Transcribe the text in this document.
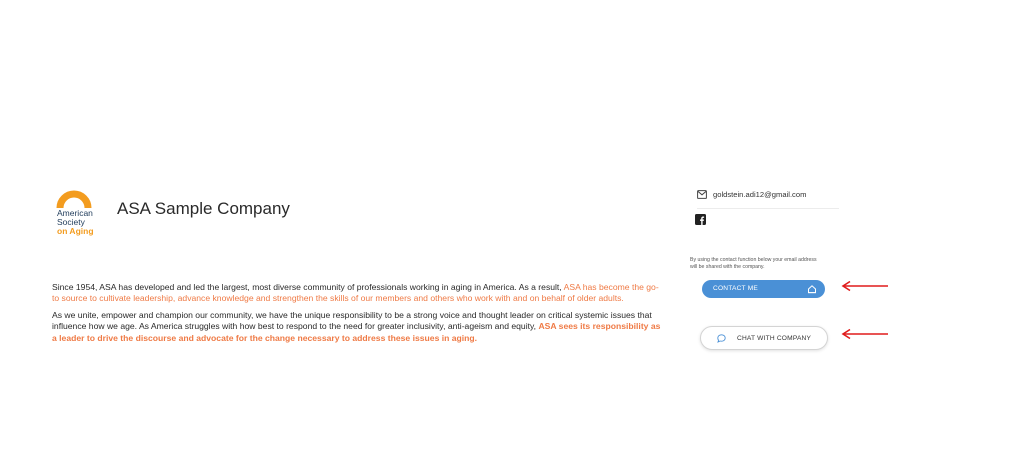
American
Society
on Aging
ASA Sample Company

Since 1954, ASA has developed and led the largest, most diverse community of professionals working in aging in America. As a result, ASA has become the go-to source to cultivate leadership, advance knowledge and strengthen the skills of our members and others who work with and on behalf of older adults.

As we unite, empower and champion our community, we have the unique responsibility to be a strong voice and thought leader on critical systemic issues that influence how we age. As America struggles with how best to respond to the need for greater inclusivity, anti-ageism and equity, ASA sees its responsibility as a leader to drive the discourse and advocate for the change necessary to address these issues in aging.

goldstein.adi12@gmail.com
By using the contact function below your email address will be shared with the company.
CONTACT ME
CHAT WITH COMPANY
